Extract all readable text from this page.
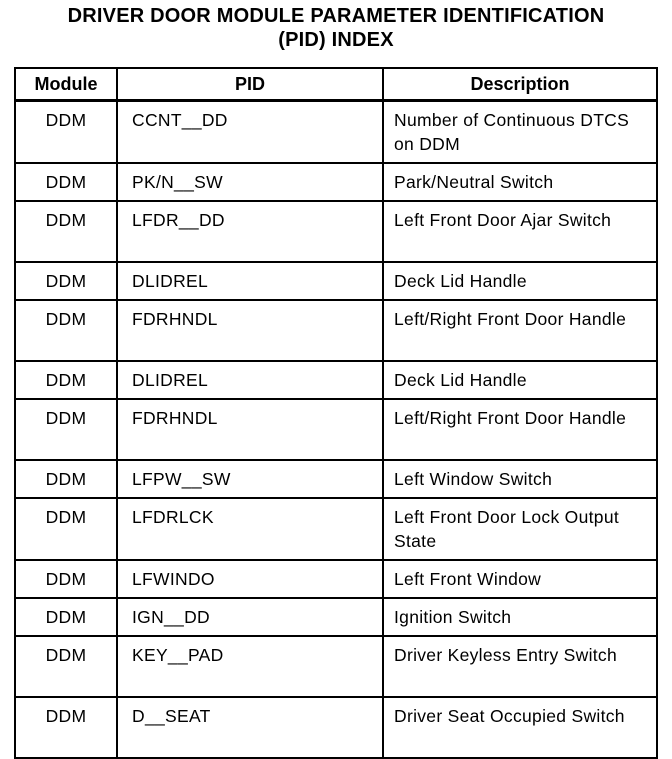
DRIVER DOOR MODULE PARAMETER IDENTIFICATION
(PID) INDEX
Module	PID	Description
DDM	CCNT__DD	Number of Continuous DTCS on DDM
DDM	PK/N__SW	Park/Neutral Switch
DDM	LFDR__DD	Left Front Door Ajar Switch
DDM	DLIDREL	Deck Lid Handle
DDM	FDRHNDL	Left/Right Front Door Handle
DDM	DLIDREL	Deck Lid Handle
DDM	FDRHNDL	Left/Right Front Door Handle
DDM	LFPW__SW	Left Window Switch
DDM	LFDRLCK	Left Front Door Lock Output State
DDM	LFWINDO	Left Front Window
DDM	IGN__DD	Ignition Switch
DDM	KEY__PAD	Driver Keyless Entry Switch
DDM	D__SEAT	Driver Seat Occupied Switch
